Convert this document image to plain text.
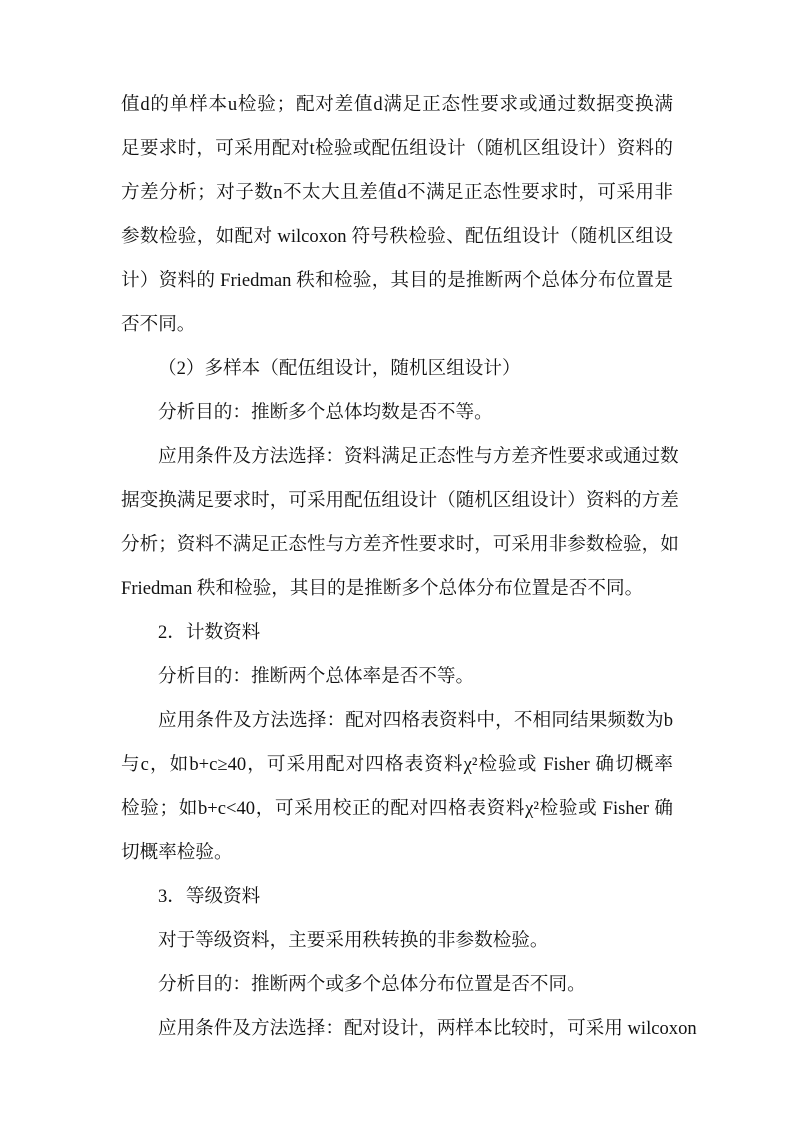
值d的单样本u检验；配对差值d满足正态性要求或通过数据变换满
足要求时，可采用配对t检验或配伍组设计（随机区组设计）资料的
方差分析；对子数n不太大且差值d不满足正态性要求时，可采用非
参数检验，如配对 wilcoxon 符号秩检验、配伍组设计（随机区组设
计）资料的 Friedman 秩和检验，其目的是推断两个总体分布位置是
否不同。
（2）多样本（配伍组设计，随机区组设计）
分析目的：推断多个总体均数是否不等。
应用条件及方法选择：资料满足正态性与方差齐性要求或通过数
据变换满足要求时，可采用配伍组设计（随机区组设计）资料的方差
分析；资料不满足正态性与方差齐性要求时，可采用非参数检验，如
Friedman 秩和检验，其目的是推断多个总体分布位置是否不同。
2．计数资料
分析目的：推断两个总体率是否不等。
应用条件及方法选择：配对四格表资料中，不相同结果频数为b
与c，如b+c≥40，可采用配对四格表资料χ²检验或 Fisher 确切概率
检验；如b+c<40，可采用校正的配对四格表资料χ²检验或 Fisher 确
切概率检验。
3．等级资料
对于等级资料，主要采用秩转换的非参数检验。
分析目的：推断两个或多个总体分布位置是否不同。
应用条件及方法选择：配对设计，两样本比较时，可采用 wilcoxon
